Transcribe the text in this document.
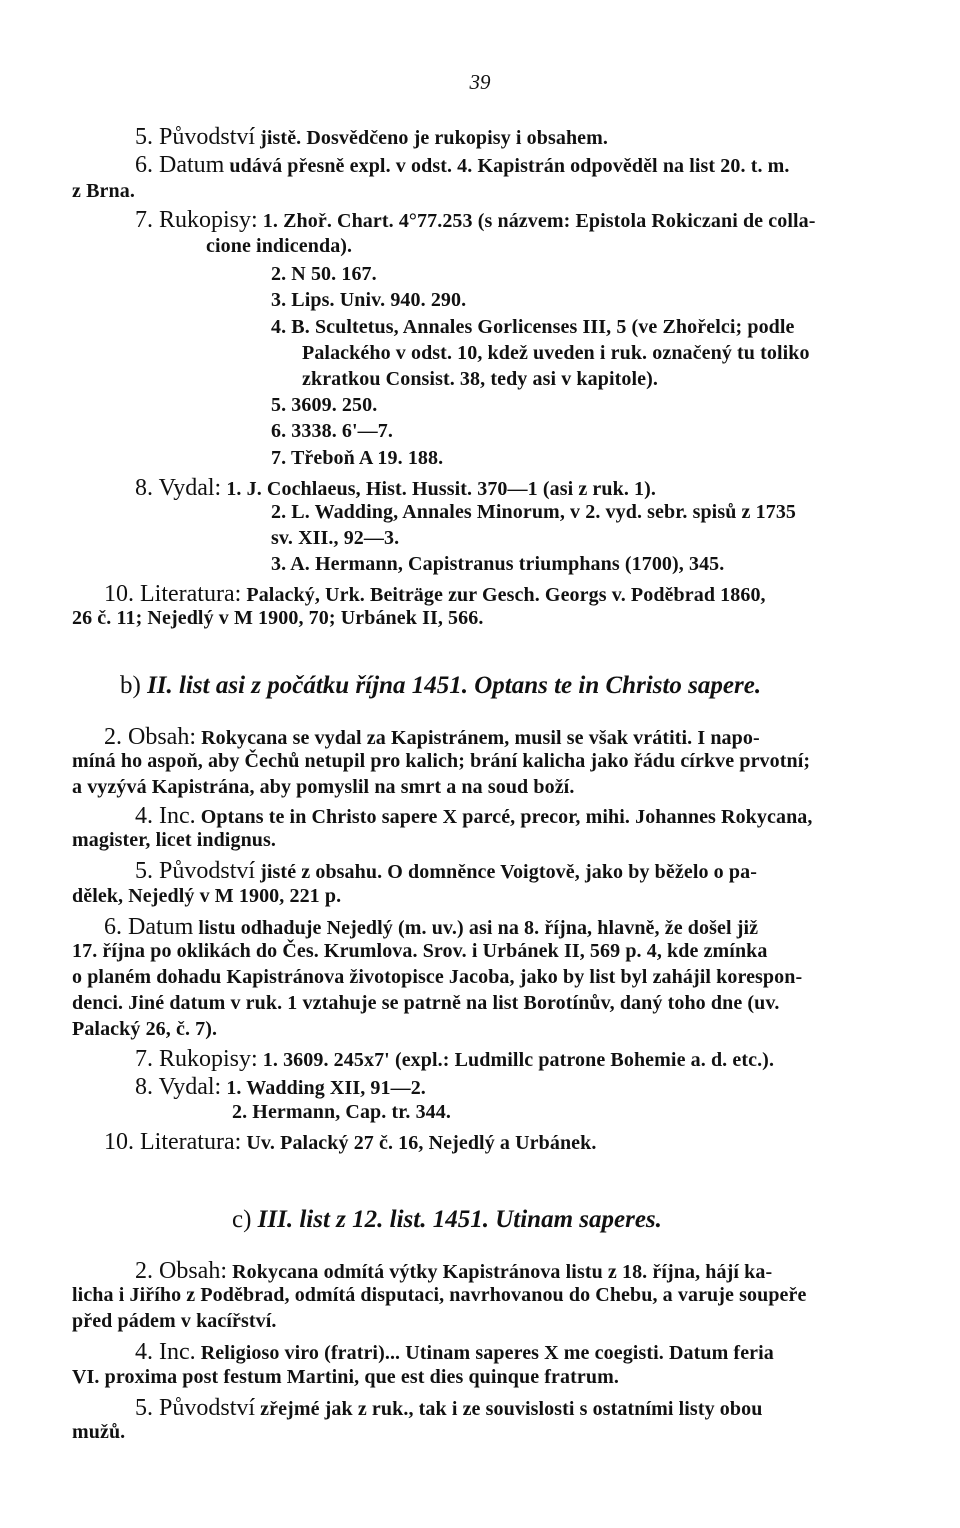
39
5. Původství jistě. Dosvědčeno je rukopisy i obsahem.
6. Datum udává přesně expl. v odst. 4. Kapistrán odpověděl na list 20. t. m.
z Brna.
7. Rukopisy: 1. Zhoř. Chart. 4°77.253 (s názvem: Epistola Rokiczani de colla-
cione indicenda).
2. N 50. 167.
3. Lips. Univ. 940. 290.
4. B. Scultetus, Annales Gorlicenses III, 5 (ve Zhořelci; podle
Palackého v odst. 10, kdež uveden i ruk. označený tu toliko
zkratkou Consist. 38, tedy asi v kapitole).
5. 3609. 250.
6. 3338. 6'—7.
7. Třeboň A 19. 188.
8. Vydal: 1. J. Cochlaeus, Hist. Hussit. 370—1 (asi z ruk. 1).
2. L. Wadding, Annales Minorum, v 2. vyd. sebr. spisů z 1735
sv. XII., 92—3.
3. A. Hermann, Capistranus triumphans (1700), 345.
10. Literatura: Palacký, Urk. Beiträge zur Gesch. Georgs v. Poděbrad 1860,
26 č. 11; Nejedlý v M 1900, 70; Urbánek II, 566.
b) II. list asi z počátku října 1451. Optans te in Christo sapere.
2. Obsah: Rokycana se vydal za Kapistránem, musil se však vrátiti. I napo-
míná ho aspoň, aby Čechů netupil pro kalich; brání kalicha jako řádu církve prvotní;
a vyzývá Kapistrána, aby pomyslil na smrt a na soud boží.
4. Inc. Optans te in Christo sapere X parcé, precor, mihi. Johannes Rokycana,
magister, licet indignus.
5. Původství jisté z obsahu. O domněnce Voigtově, jako by běželo o pa-
dělek, Nejedlý v M 1900, 221 p.
6. Datum listu odhaduje Nejedlý (m. uv.) asi na 8. října, hlavně, že došel již
17. října po oklikách do Čes. Krumlova. Srov. i Urbánek II, 569 p. 4, kde zmínka
o planém dohadu Kapistránova životopisce Jacoba, jako by list byl zahájil korespon-
denci. Jiné datum v ruk. 1 vztahuje se patrně na list Borotínův, daný toho dne (uv.
Palacký 26, č. 7).
7. Rukopisy: 1. 3609. 245x7' (expl.: Ludmillc patrone Bohemie a. d. etc.).
8. Vydal: 1. Wadding XII, 91—2.
2. Hermann, Cap. tr. 344.
10. Literatura: Uv. Palacký 27 č. 16, Nejedlý a Urbánek.
c) III. list z 12. list. 1451. Utinam saperes.
2. Obsah: Rokycana odmítá výtky Kapistránova listu z 18. října, hájí ka-
licha i Jiřího z Poděbrad, odmítá disputaci, navrhovanou do Chebu, a varuje soupeře
před pádem v kacířství.
4. Inc. Religioso viro (fratri)... Utinam saperes X me coegisti. Datum feria
VI. proxima post festum Martini, que est dies quinque fratrum.
5. Původství zřejmé jak z ruk., tak i ze souvislosti s ostatními listy obou
mužů.
